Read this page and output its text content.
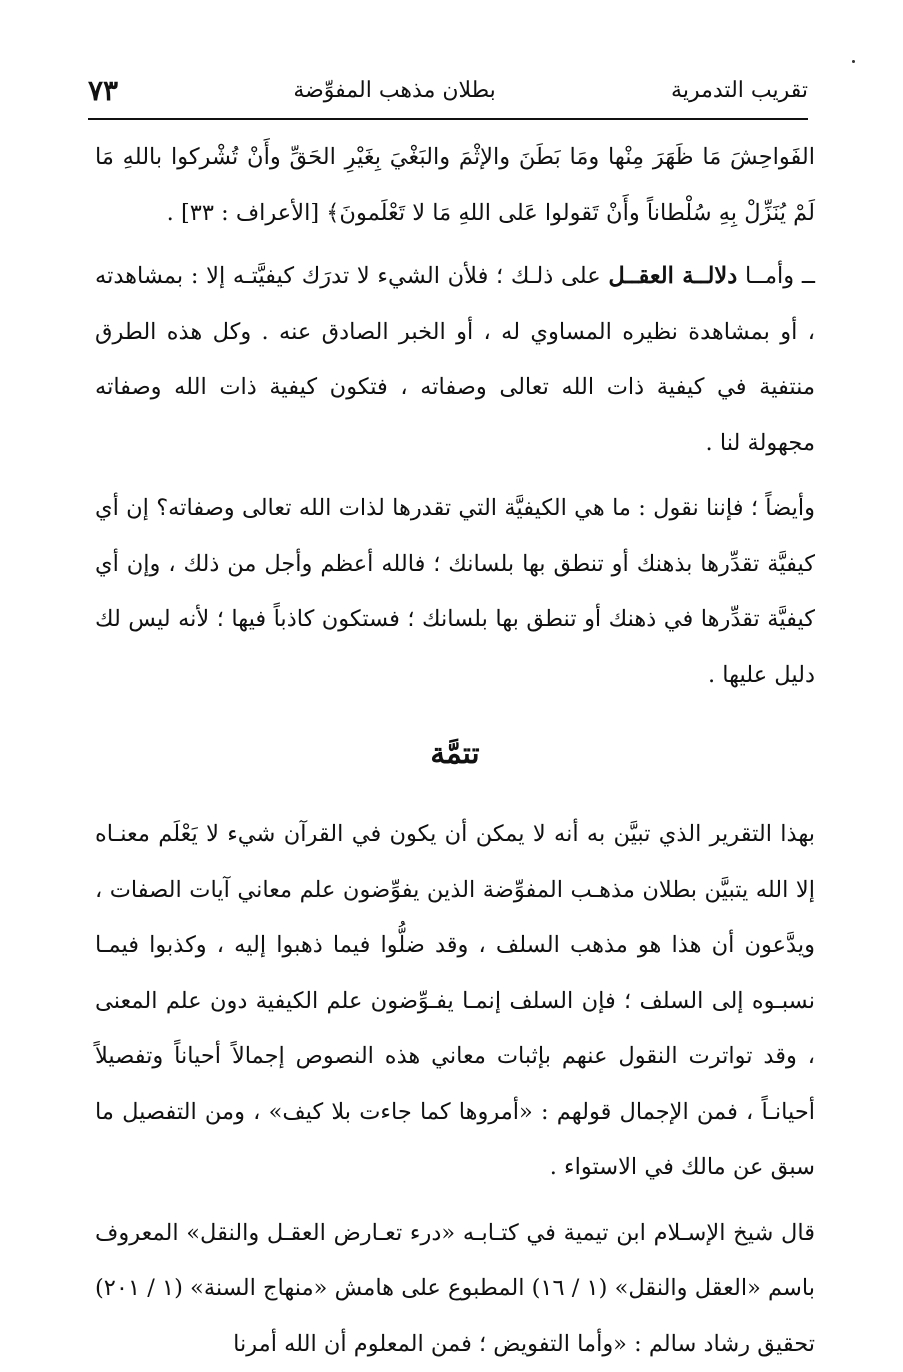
تقريب التدمرية
بطلان مذهب المفوِّضة
٧٣

الفَواحِشَ مَا ظَهَرَ مِنْها ومَا بَطَنَ والإثْمَ والبَغْيَ بِغَيْرِ الحَقِّ وأَنْ تُشْركوا باللهِ مَا لَمْ يُنَزِّلْ بِهِ سُلْطاناً وأَنْ تَقولوا عَلى اللهِ مَا لا تَعْلَمونَ﴾ [الأعراف : ٣٣] .

ــ وأمــا دلالــة العقــل على ذلـك ؛ فلأن الشيء لا تدرَك كيفيَّتـه إلا : بمشاهدته ، أو بمشاهدة نظيره المساوي له ، أو الخبر الصادق عنه . وكل هذه الطرق منتفية في كيفية ذات الله تعالى وصفاته ، فتكون كيفية ذات الله وصفاته مجهولة لنا .

وأيضاً ؛ فإننا نقول : ما هي الكيفيَّة التي تقدرها لذات الله تعالى وصفاته؟ إن أي كيفيَّة تقدِّرها بذهنك أو تنطق بها بلسانك ؛ فالله أعظم وأجل من ذلك ، وإن أي كيفيَّة تقدِّرها في ذهنك أو تنطق بها بلسانك ؛ فستكون كاذباً فيها ؛ لأنه ليس لك دليل عليها .

تتمَّة

بهذا التقرير الذي تبيَّن به أنه لا يمكن أن يكون في القرآن شيء لا يَعْلَم معنـاه إلا الله يتبيَّن بطلان مذهـب المفوِّضة الذين يفوِّضون علم معاني آيات الصفات ، ويدَّعون أن هذا هو مذهب السلف ، وقد ضلُّوا فيما ذهبوا إليه ، وكذبوا فيمـا نسبـوه إلى السلف ؛ فإن السلف إنمـا يفـوِّضون علم الكيفية دون علم المعنى ، وقد تواترت النقول عنهم بإثبات معاني هذه النصوص إجمالاً أحياناً وتفصيلاً أحيانـاً ، فمن الإجمال قولهم : «أمروها كما جاءت بلا كيف» ، ومن التفصيل ما سبق عن مالك في الاستواء .

قال شيخ الإسـلام ابن تيمية في كتـابـه «درء تعـارض العقـل والنقل» المعروف باسم «العقل والنقل» (١ / ١٦) المطبوع على هامش «منهاج السنة» (١ / ٢٠١) تحقيق رشاد سالم : «وأما التفويض ؛ فمن المعلوم أن الله أمرنا
